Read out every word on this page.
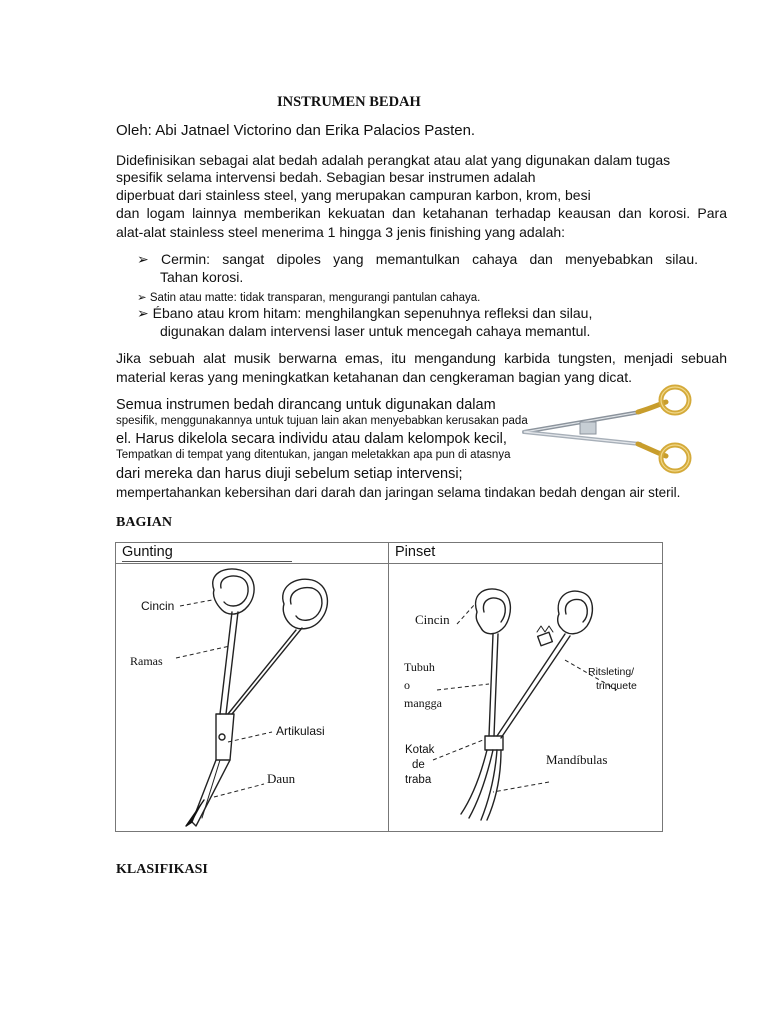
INSTRUMEN BEDAH
Oleh: Abi Jatnael Victorino dan Erika Palacios Pasten.
Didefinisikan sebagai alat bedah adalah perangkat atau alat yang digunakan dalam tugas
spesifik selama intervensi bedah. Sebagian besar instrumen adalah
diperbuat dari stainless steel, yang merupakan campuran karbon, krom, besi
dan logam lainnya memberikan kekuatan dan ketahanan terhadap keausan dan korosi. Para
alat-alat stainless steel menerima 1 hingga 3 jenis finishing yang adalah:
➢ Cermin: sangat dipoles yang memantulkan cahaya dan menyebabkan silau.
Tahan korosi.
➢ Satin atau matte: tidak transparan, mengurangi pantulan cahaya.
➢ Ébano atau krom hitam: menghilangkan sepenuhnya refleksi dan silau,
digunakan dalam intervensi laser untuk mencegah cahaya memantul.
Jika sebuah alat musik berwarna emas, itu mengandung karbida tungsten, menjadi sebuah
material keras yang meningkatkan ketahanan dan cengkeraman bagian yang dicat.
Semua instrumen bedah dirancang untuk digunakan dalam
spesifik, menggunakannya untuk tujuan lain akan menyebabkan kerusakan pada
el. Harus dikelola secara individu atau dalam kelompok kecil,
Tempatkan di tempat yang ditentukan, jangan meletakkan apa pun di atasnya
dari mereka dan harus diuji sebelum setiap intervensi;
mempertahankan kebersihan dari darah dan jaringan selama tindakan bedah dengan air steril.
BAGIAN
Gunting	Pinset
Cincin
Ramas
Artikulasi
Daun
Cincin
Tubuh
o
mangga
Ritsleting/
trinquete
Kotak
de
traba
Mandíbulas
KLASIFIKASI
